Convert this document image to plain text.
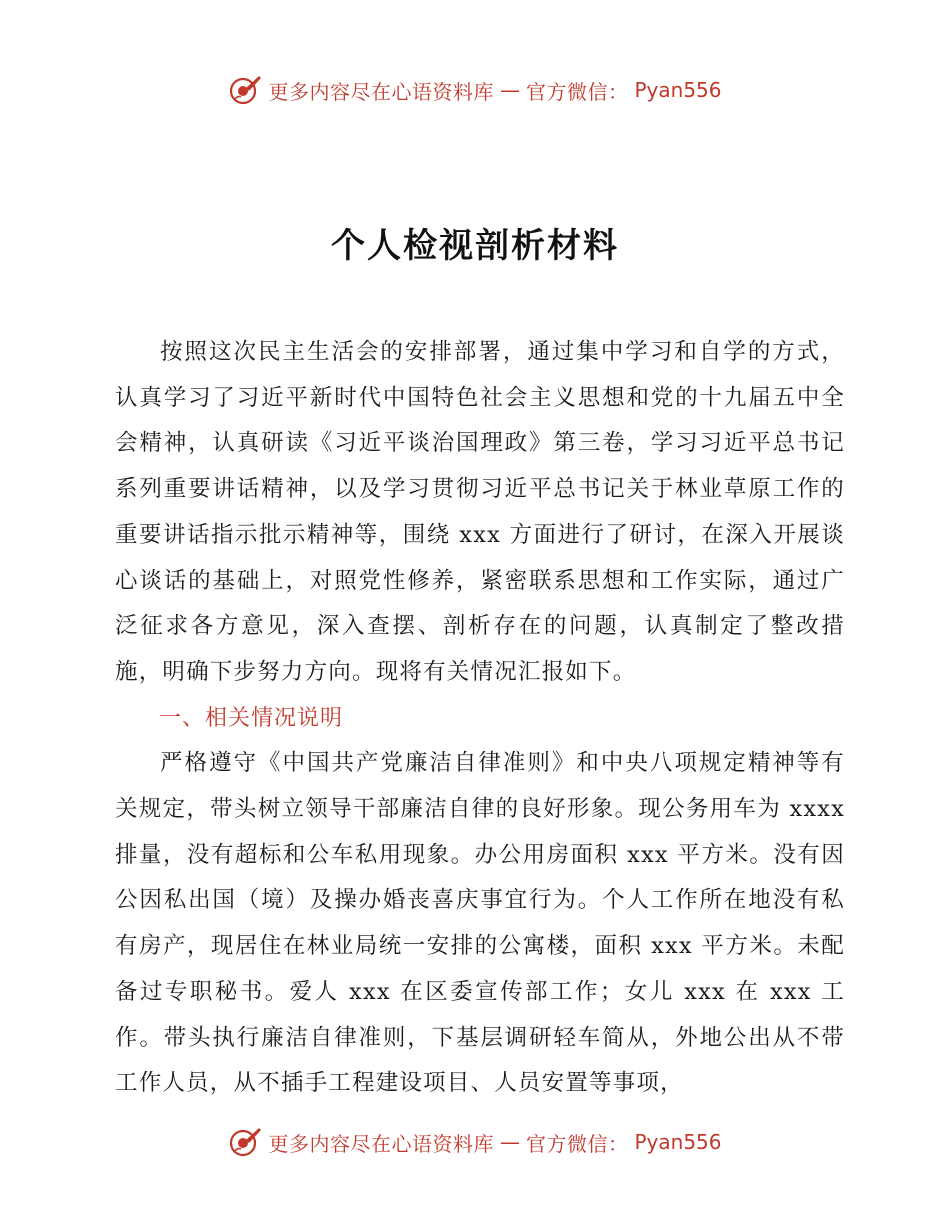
更多内容尽在心语资料库 — 官方微信： Pyan556
个人检视剖析材料

按照这次民主生活会的安排部署，通过集中学习和自学的方式，认真学习了习近平新时代中国特色社会主义思想和党的十九届五中全会精神，认真研读《习近平谈治国理政》第三卷，学习习近平总书记系列重要讲话精神，以及学习贯彻习近平总书记关于林业草原工作的重要讲话指示批示精神等，围绕 xxx 方面进行了研讨，在深入开展谈心谈话的基础上，对照党性修养，紧密联系思想和工作实际，通过广泛征求各方意见，深入查摆、剖析存在的问题，认真制定了整改措施，明确下步努力方向。现将有关情况汇报如下。

一、相关情况说明

严格遵守《中国共产党廉洁自律准则》和中央八项规定精神等有关规定，带头树立领导干部廉洁自律的良好形象。现公务用车为 xxxx 排量，没有超标和公车私用现象。办公用房面积 xxx 平方米。没有因公因私出国（境）及操办婚丧喜庆事宜行为。个人工作所在地没有私有房产，现居住在林业局统一安排的公寓楼，面积 xxx 平方米。未配备过专职秘书。爱人 xxx 在区委宣传部工作；女儿 xxx 在 xxx 工作。带头执行廉洁自律准则，下基层调研轻车简从，外地公出从不带工作人员，从不插手工程建设项目、人员安置等事项，

更多内容尽在心语资料库 — 官方微信： Pyan556
